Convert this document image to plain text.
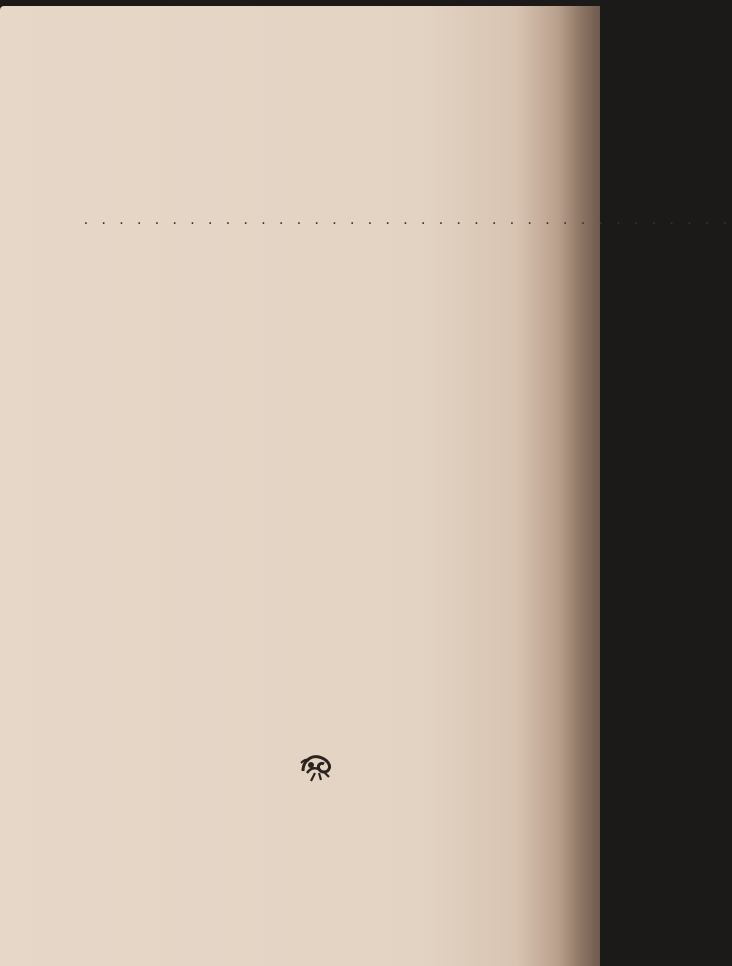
. . . . . . . . . . . . . . . . . . . . . . . . . . . . . . . . . . . . .
